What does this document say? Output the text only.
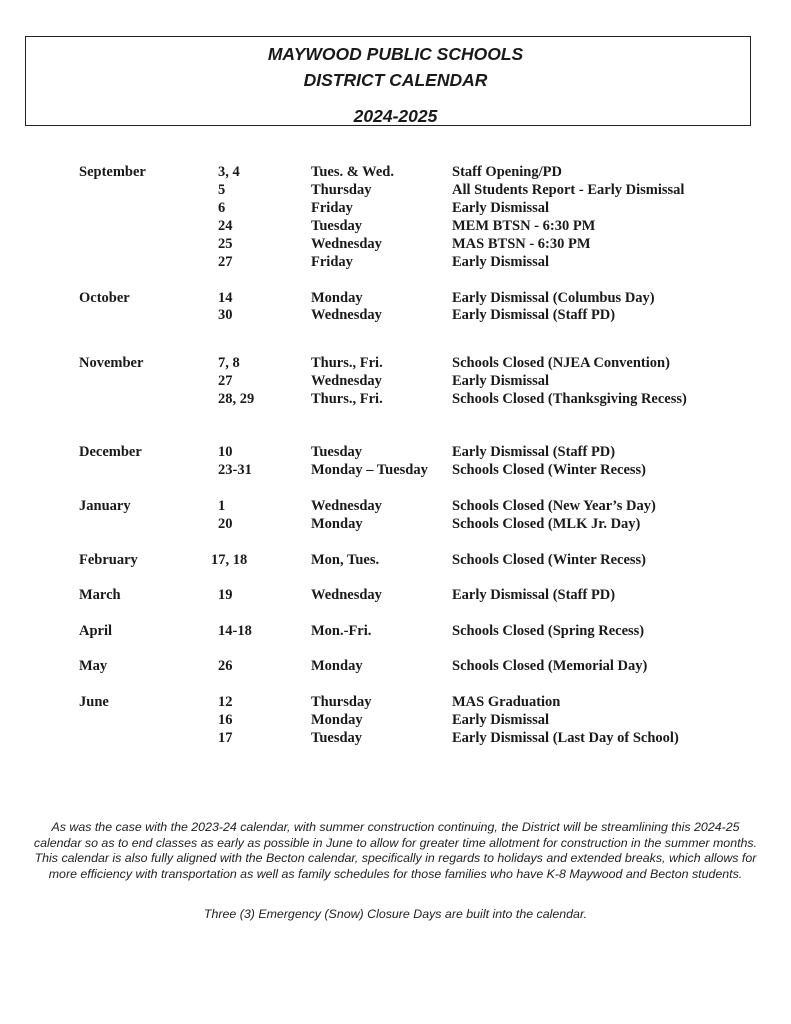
MAYWOOD PUBLIC SCHOOLS
DISTRICT CALENDAR
2024-2025
September	3, 4	Tues. & Wed.	Staff Opening/PD
5	Thursday	All Students Report - Early Dismissal
6	Friday	Early Dismissal
24	Tuesday	MEM BTSN - 6:30 PM
25	Wednesday	MAS BTSN - 6:30 PM
27	Friday	Early Dismissal
October	14	Monday	Early Dismissal (Columbus Day)
30	Wednesday	Early Dismissal (Staff PD)
November	7, 8	Thurs., Fri.	Schools Closed (NJEA Convention)
27	Wednesday	Early Dismissal
28, 29	Thurs., Fri.	Schools Closed (Thanksgiving Recess)
December	10	Tuesday	Early Dismissal (Staff PD)
23-31	Monday – Tuesday Schools Closed (Winter Recess)
January	1	Wednesday	Schools Closed (New Year’s Day)
20	Monday	Schools Closed (MLK Jr. Day)
February	17, 18	Mon, Tues.	Schools Closed (Winter Recess)
March	19	Wednesday	Early Dismissal (Staff PD)
April	14-18	Mon.-Fri.	Schools Closed (Spring Recess)
May	26	Monday	Schools Closed (Memorial Day)
June	12	Thursday	MAS Graduation
16	Monday	Early Dismissal
17	Tuesday	Early Dismissal (Last Day of School)
As was the case with the 2023-24 calendar, with summer construction continuing, the District will be streamlining this 2024-25 calendar so as to end classes as early as possible in June to allow for greater time allotment for construction in the summer months. This calendar is also fully aligned with the Becton calendar, specifically in regards to holidays and extended breaks, which allows for more efficiency with transportation as well as family schedules for those families who have K-8 Maywood and Becton students.
Three (3) Emergency (Snow) Closure Days are built into the calendar.
